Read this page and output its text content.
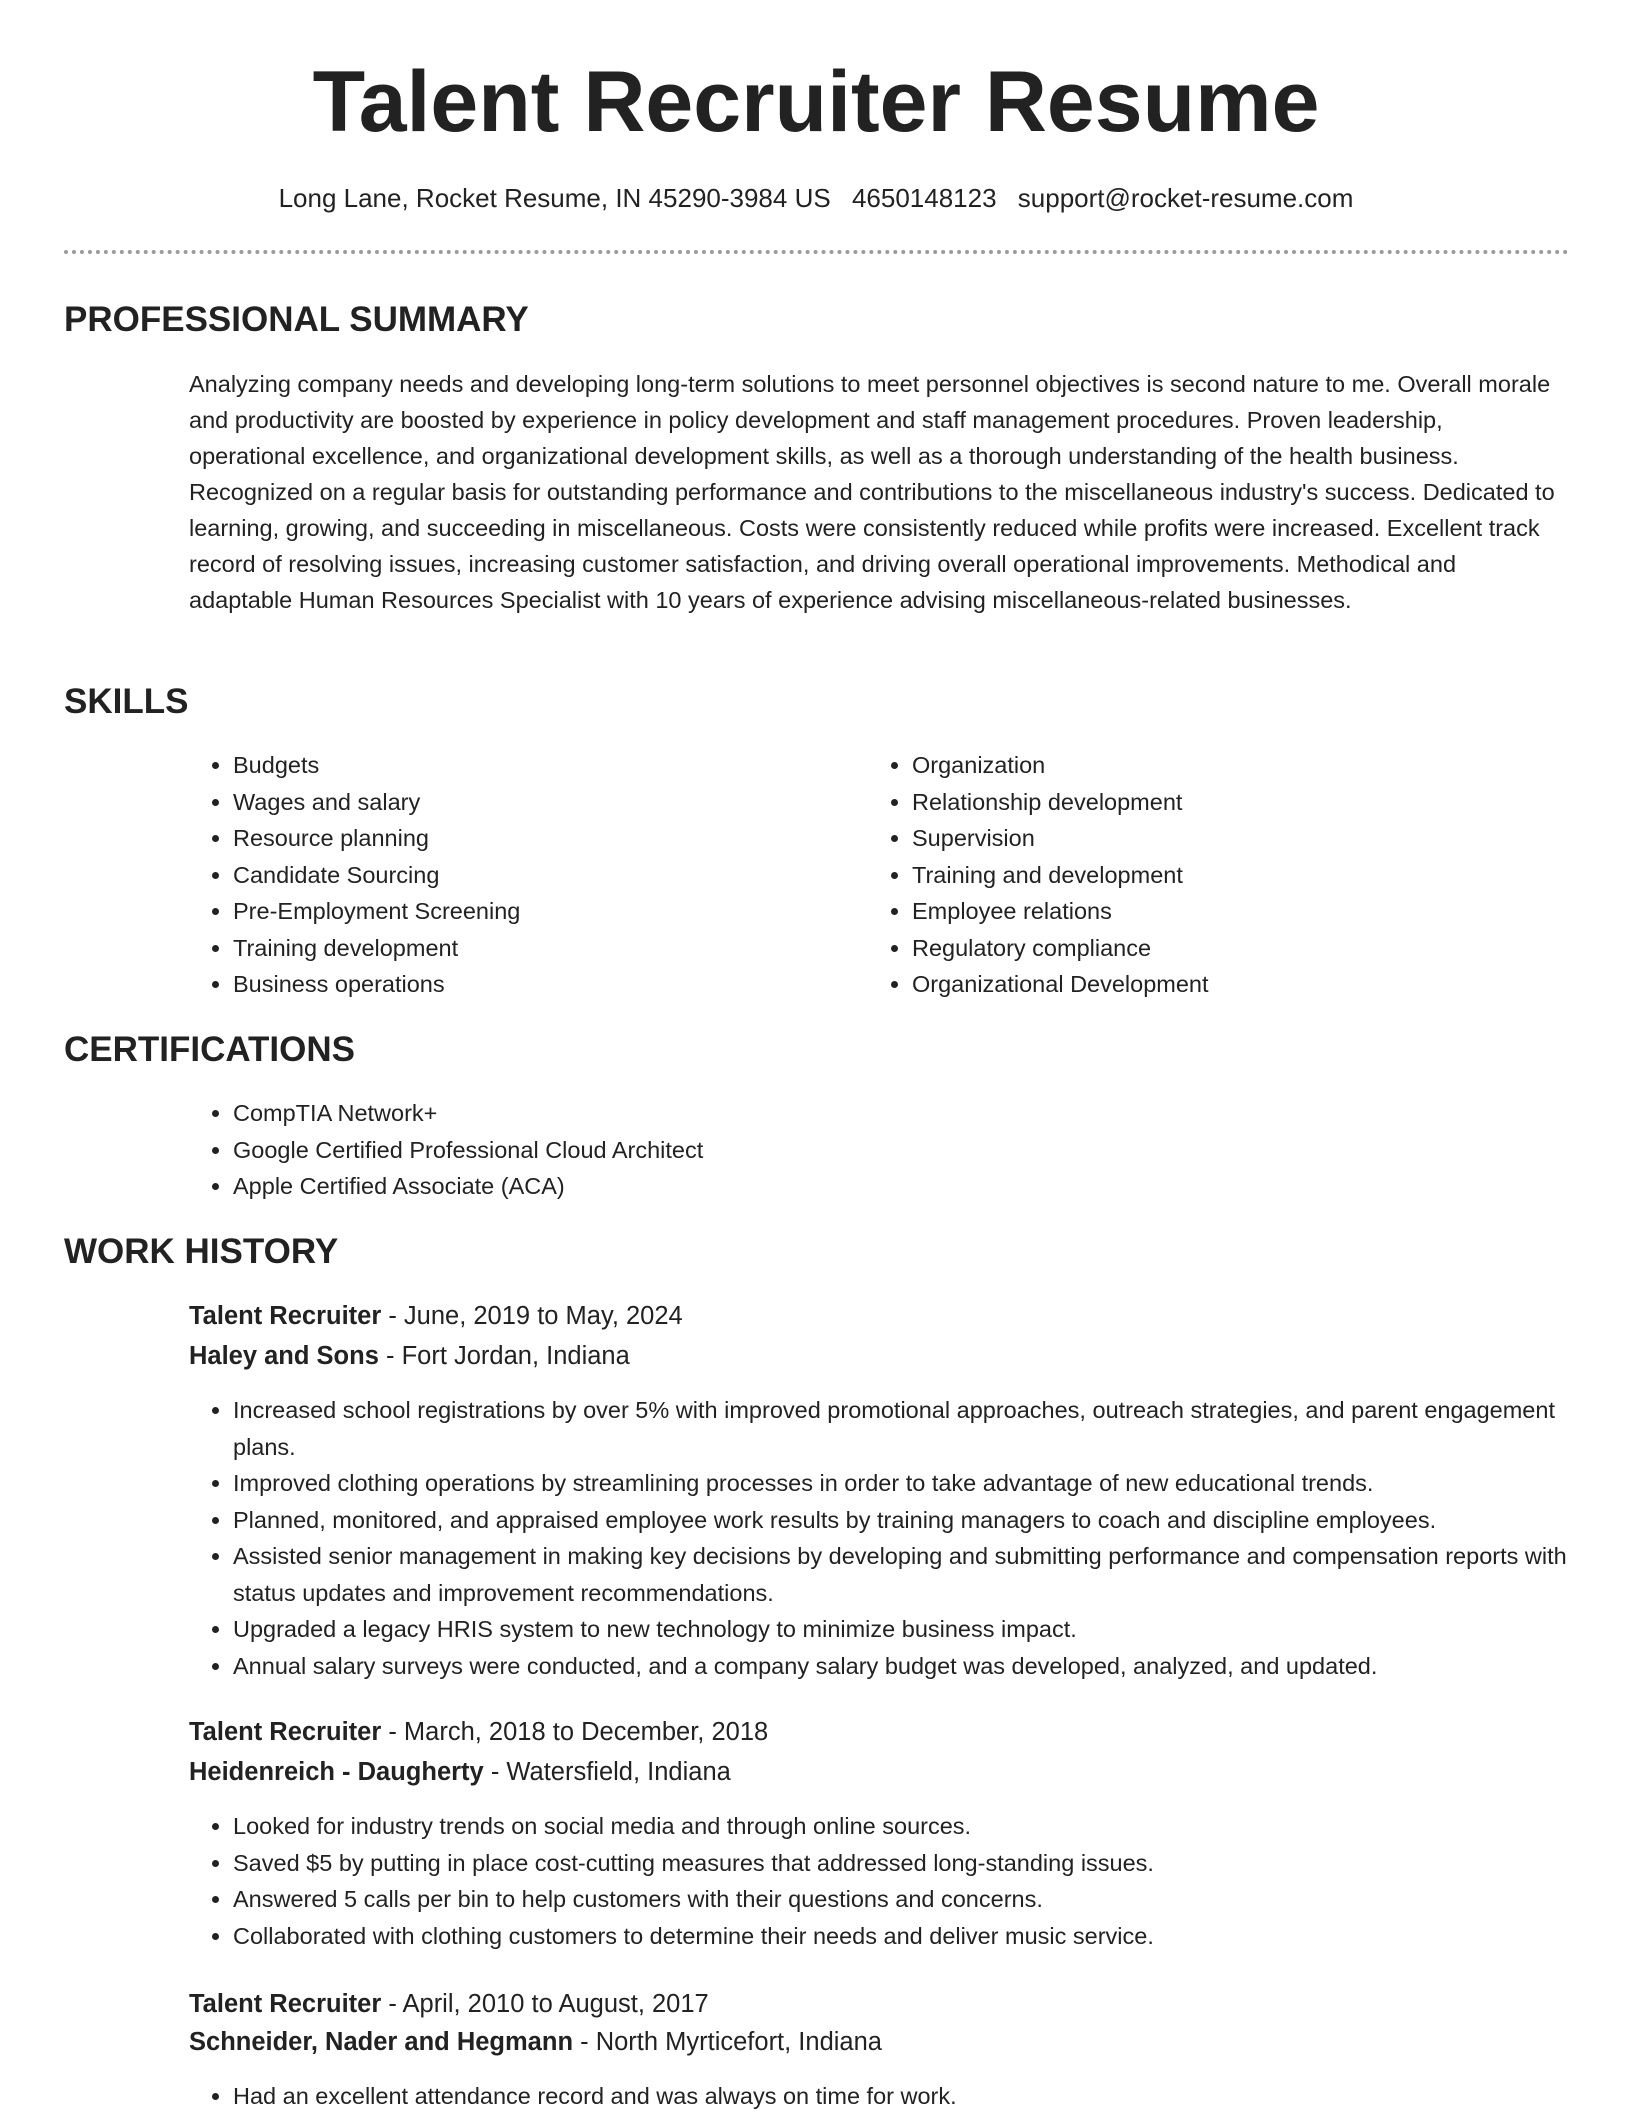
Talent Recruiter Resume
Long Lane, Rocket Resume, IN 45290-3984 US 4650148123 support@rocket-resume.com
PROFESSIONAL SUMMARY

Analyzing company needs and developing long-term solutions to meet personnel objectives is second nature to me. Overall morale and productivity are boosted by experience in policy development and staff management procedures. Proven leadership, operational excellence, and organizational development skills, as well as a thorough understanding of the health business. Recognized on a regular basis for outstanding performance and contributions to the miscellaneous industry's success. Dedicated to learning, growing, and succeeding in miscellaneous. Costs were consistently reduced while profits were increased. Excellent track record of resolving issues, increasing customer satisfaction, and driving overall operational improvements. Methodical and adaptable Human Resources Specialist with 10 years of experience advising miscellaneous-related businesses.

SKILLS
• Budgets
• Wages and salary
• Resource planning
• Candidate Sourcing
• Pre-Employment Screening
• Training development
• Business operations
• Organization
• Relationship development
• Supervision
• Training and development
• Employee relations
• Regulatory compliance
• Organizational Development
CERTIFICATIONS
• CompTIA Network+
• Google Certified Professional Cloud Architect
• Apple Certified Associate (ACA)
WORK HISTORY
Talent Recruiter - June, 2019 to May, 2024
Haley and Sons - Fort Jordan, Indiana
• Increased school registrations by over 5% with improved promotional approaches, outreach strategies, and parent engagement plans.
• Improved clothing operations by streamlining processes in order to take advantage of new educational trends.
• Planned, monitored, and appraised employee work results by training managers to coach and discipline employees.
• Assisted senior management in making key decisions by developing and submitting performance and compensation reports with status updates and improvement recommendations.
• Upgraded a legacy HRIS system to new technology to minimize business impact.
• Annual salary surveys were conducted, and a company salary budget was developed, analyzed, and updated.
Talent Recruiter - March, 2018 to December, 2018
Heidenreich - Daugherty - Watersfield, Indiana
• Looked for industry trends on social media and through online sources.
• Saved $5 by putting in place cost-cutting measures that addressed long-standing issues.
• Answered 5 calls per bin to help customers with their questions and concerns.
• Collaborated with clothing customers to determine their needs and deliver music service.
Talent Recruiter - April, 2010 to August, 2017
Schneider, Nader and Hegmann - North Myrticefort, Indiana
• Had an excellent attendance record and was always on time for work.
